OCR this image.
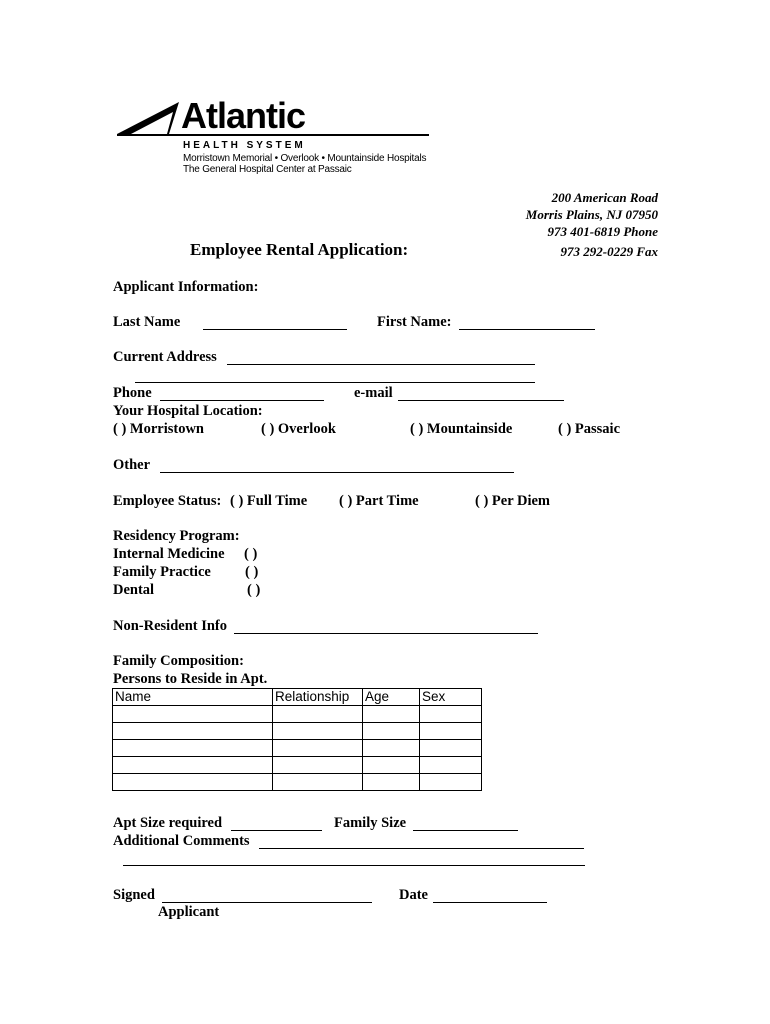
Atlantic
HEALTH SYSTEM
Morristown Memorial • Overlook • Mountainside Hospitals
The General Hospital Center at Passaic
200 American Road
Morris Plains, NJ 07950
973 401-6819 Phone
973 292-0229 Fax
Employee Rental Application:
Applicant Information:
Last Name	First Name:
Current Address
Phone	e-mail
Your Hospital Location:
( ) Morristown	( ) Overlook	( ) Mountainside	( ) Passaic
Other
Employee Status: ( ) Full Time ( ) Part Time	( ) Per Diem
Residency Program:
Internal Medicine ( )
Family Practice ( )
Dental	( )
Non-Resident Info
Family Composition:
Persons to Reside in Apt.
Name	Relationship	Age	Sex

Apt Size required	Family Size
Additional Comments
Signed	Date
Applicant
